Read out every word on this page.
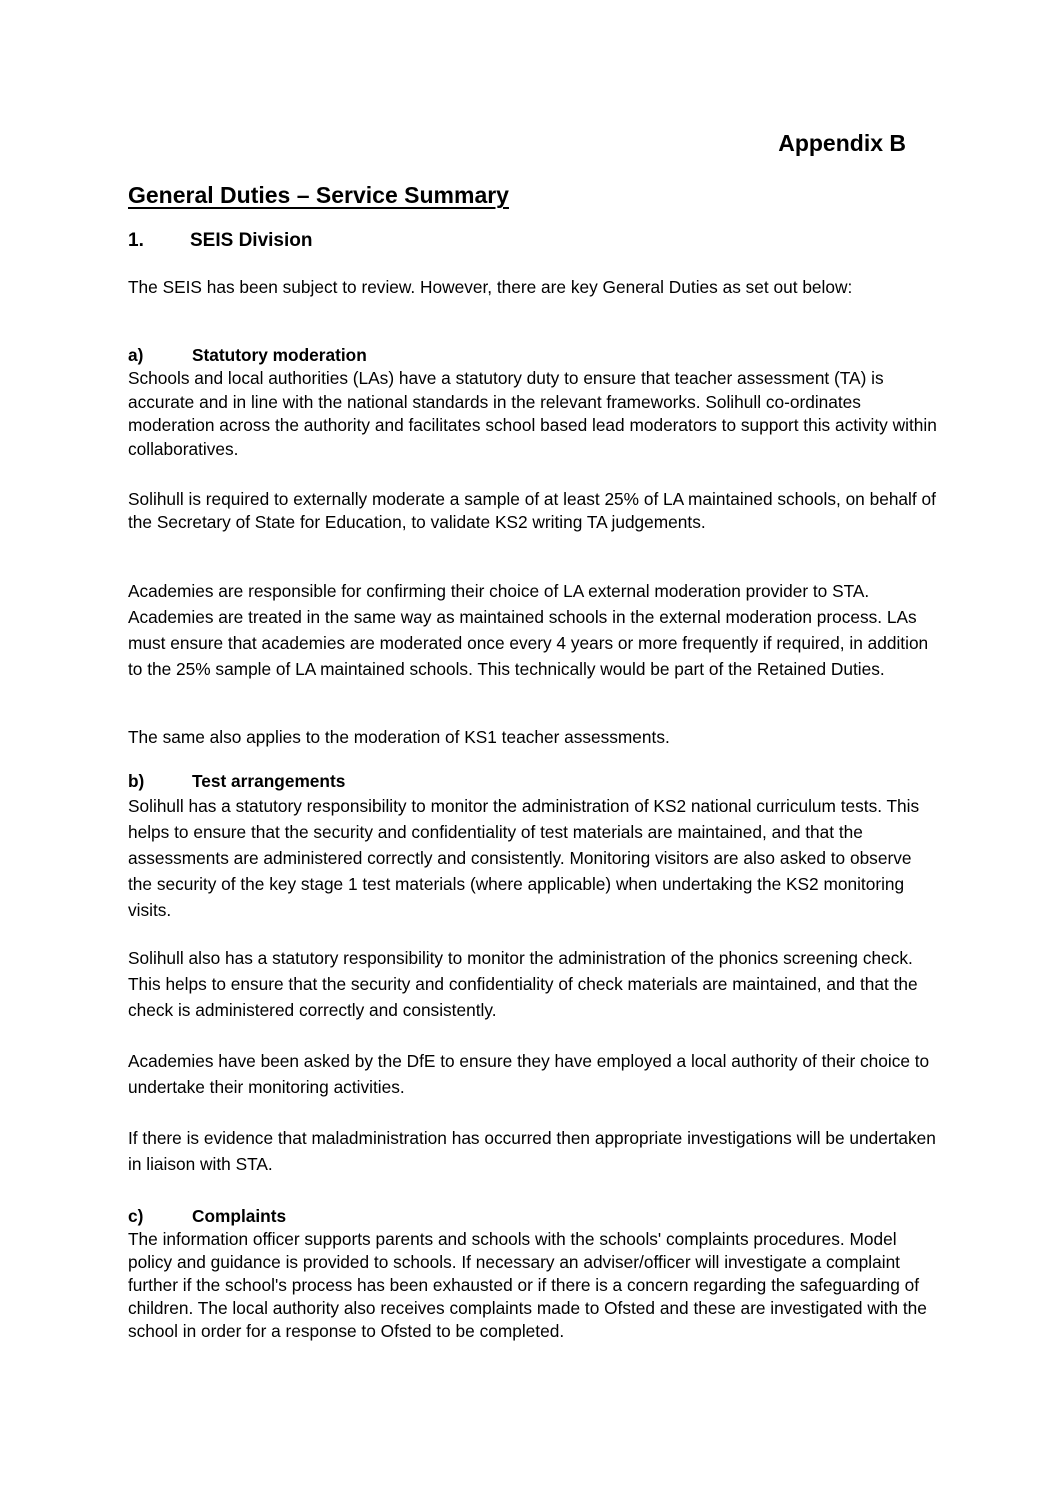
Appendix B
General Duties – Service Summary
1. SEIS Division

The SEIS has been subject to review. However, there are key General Duties as set out below:

a)	Statutory moderation

Schools and local authorities (LAs) have a statutory duty to ensure that teacher assessment (TA) is accurate and in line with the national standards in the relevant frameworks. Solihull co-ordinates moderation across the authority and facilitates school based lead moderators to support this activity within collaboratives.

Solihull is required to externally moderate a sample of at least 25% of LA maintained schools, on behalf of the Secretary of State for Education, to validate KS2 writing TA judgements.

Academies are responsible for confirming their choice of LA external moderation provider to STA. Academies are treated in the same way as maintained schools in the external moderation process. LAs must ensure that academies are moderated once every 4 years or more frequently if required, in addition to the 25% sample of LA maintained schools. This technically would be part of the Retained Duties.

The same also applies to the moderation of KS1 teacher assessments.

b)	Test arrangements

Solihull has a statutory responsibility to monitor the administration of KS2 national curriculum tests. This helps to ensure that the security and confidentiality of test materials are maintained, and that the assessments are administered correctly and consistently. Monitoring visitors are also asked to observe the security of the key stage 1 test materials (where applicable) when undertaking the KS2 monitoring visits.

Solihull also has a statutory responsibility to monitor the administration of the phonics screening check. This helps to ensure that the security and confidentiality of check materials are maintained, and that the check is administered correctly and consistently.

Academies have been asked by the DfE to ensure they have employed a local authority of their choice to undertake their monitoring activities.

If there is evidence that maladministration has occurred then appropriate investigations will be undertaken in liaison with STA.

c)	Complaints

The information officer supports parents and schools with the schools' complaints procedures. Model policy and guidance is provided to schools. If necessary an adviser/officer will investigate a complaint further if the school's process has been exhausted or if there is a concern regarding the safeguarding of children. The local authority also receives complaints made to Ofsted and these are investigated with the school in order for a response to Ofsted to be completed.
